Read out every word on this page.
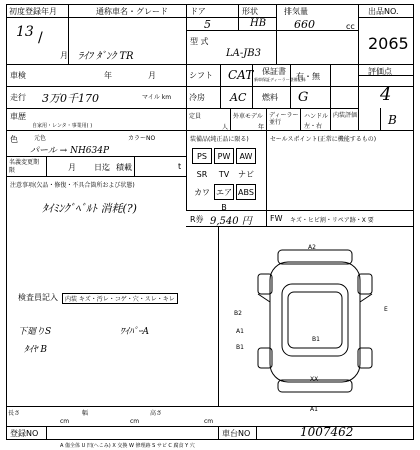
初度登録年月
13 /
月
通称車名・グレード
ﾗｲﾌ ﾀﾞﾝｸ TR
ドア
5
形状
HB
排気量
660	cc
型 式
LA-JB3
出品NO.
2065
車検	年	月	シフト CAT 保証書
新車保証ディーラー整備記録
有・無
評価点
4
走行 3万0千170	マイル km 冷房 AC 燃料 G
車歴
自家用・レンタ・事業用( )
定員
人
外車モデル
年
ディーラー並行
ハンドル
左・右
内装評価	B
色	元色
パール → NH634P
カラーNO	装備品(純正品に限る)	セールスポイント(正常に機能するもの)
PS	PW	AW
SR	TV	ナビ
カワ エアB
ABS
名義変更期限	月 日迄 積載	t
注意事項(欠品・修復・不具合箇所および状態)
ﾀｲﾐﾝｸﾞﾍﾞﾙﾄ 消耗(?)
R券 9,540 円 FW キズ・ヒビ割・リペア跡・X 要
検査員記入	内装 キズ・汚レ・コゲ・穴・スレ・キレ
下廻りS	ﾜｲﾊﾟｰA
ﾀｲﾔ B
長さ
cm
幅
cm
高さ
cm
A2
E
B2
A1
B1
B1
XX
A1
登録NO	車台NO	1007462
A 傷全体 U 凹(へこみ) X 交換 W 修理跡 S サビ C 腐食 Y 穴
